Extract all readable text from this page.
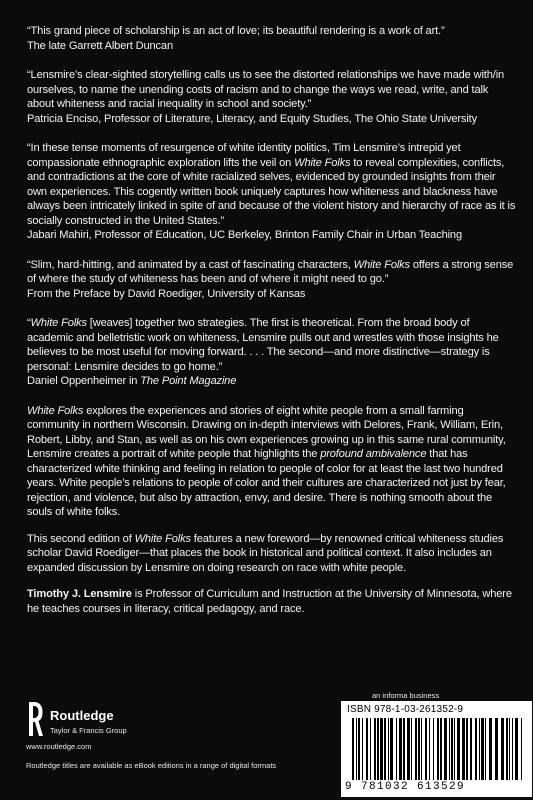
“This grand piece of scholarship is an act of love; its beautiful rendering is a work of art.”

The late Garrett Albert Duncan

“Lensmire’s clear-sighted storytelling calls us to see the distorted relationships we have made with/in ourselves, to name the unending costs of racism and to change the ways we read, write, and talk about whiteness and racial inequality in school and society.”

Patricia Enciso, Professor of Literature, Literacy, and Equity Studies, The Ohio State University

“In these tense moments of resurgence of white identity politics, Tim Lensmire’s intrepid yet compassionate ethnographic exploration lifts the veil on White Folks to reveal complexities, conflicts, and contradictions at the core of white racialized selves, evidenced by grounded insights from their own experiences. This cogently written book uniquely captures how whiteness and blackness have always been intricately linked in spite of and because of the violent history and hierarchy of race as it is socially constructed in the United States.”

Jabari Mahiri, Professor of Education, UC Berkeley, Brinton Family Chair in Urban Teaching

“Slim, hard-hitting, and animated by a cast of fascinating characters, White Folks offers a strong sense of where the study of whiteness has been and of where it might need to go.”

From the Preface by David Roediger, University of Kansas

“White Folks [weaves] together two strategies. The first is theoretical. From the broad body of academic and belletristic work on whiteness, Lensmire pulls out and wrestles with those insights he believes to be most useful for moving forward. . . . The second—and more distinctive—strategy is personal: Lensmire decides to go home.”

Daniel Oppenheimer in The Point Magazine

White Folks explores the experiences and stories of eight white people from a small farming community in northern Wisconsin. Drawing on in-depth interviews with Delores, Frank, William, Erin, Robert, Libby, and Stan, as well as on his own experiences growing up in this same rural community, Lensmire creates a portrait of white people that highlights the profound ambivalence that has characterized white thinking and feeling in relation to people of color for at least the last two hundred years. White people’s relations to people of color and their cultures are characterized not just by fear, rejection, and violence, but also by attraction, envy, and desire. There is nothing smooth about the souls of white folks.

This second edition of White Folks features a new foreword—by renowned critical whiteness studies scholar David Roediger—that places the book in historical and political context. It also includes an expanded discussion by Lensmire on doing research on race with white people.

Timothy J. Lensmire is Professor of Curriculum and Instruction at the University of Minnesota, where he teaches courses in literacy, critical pedagogy, and race.

Routledge
Taylor & Francis Group
www.routledge.com
Routledge titles are available as eBook editions in a range of digital formats
an informa business
ISBN 978-1-03-261352-9
9 781032 613529
